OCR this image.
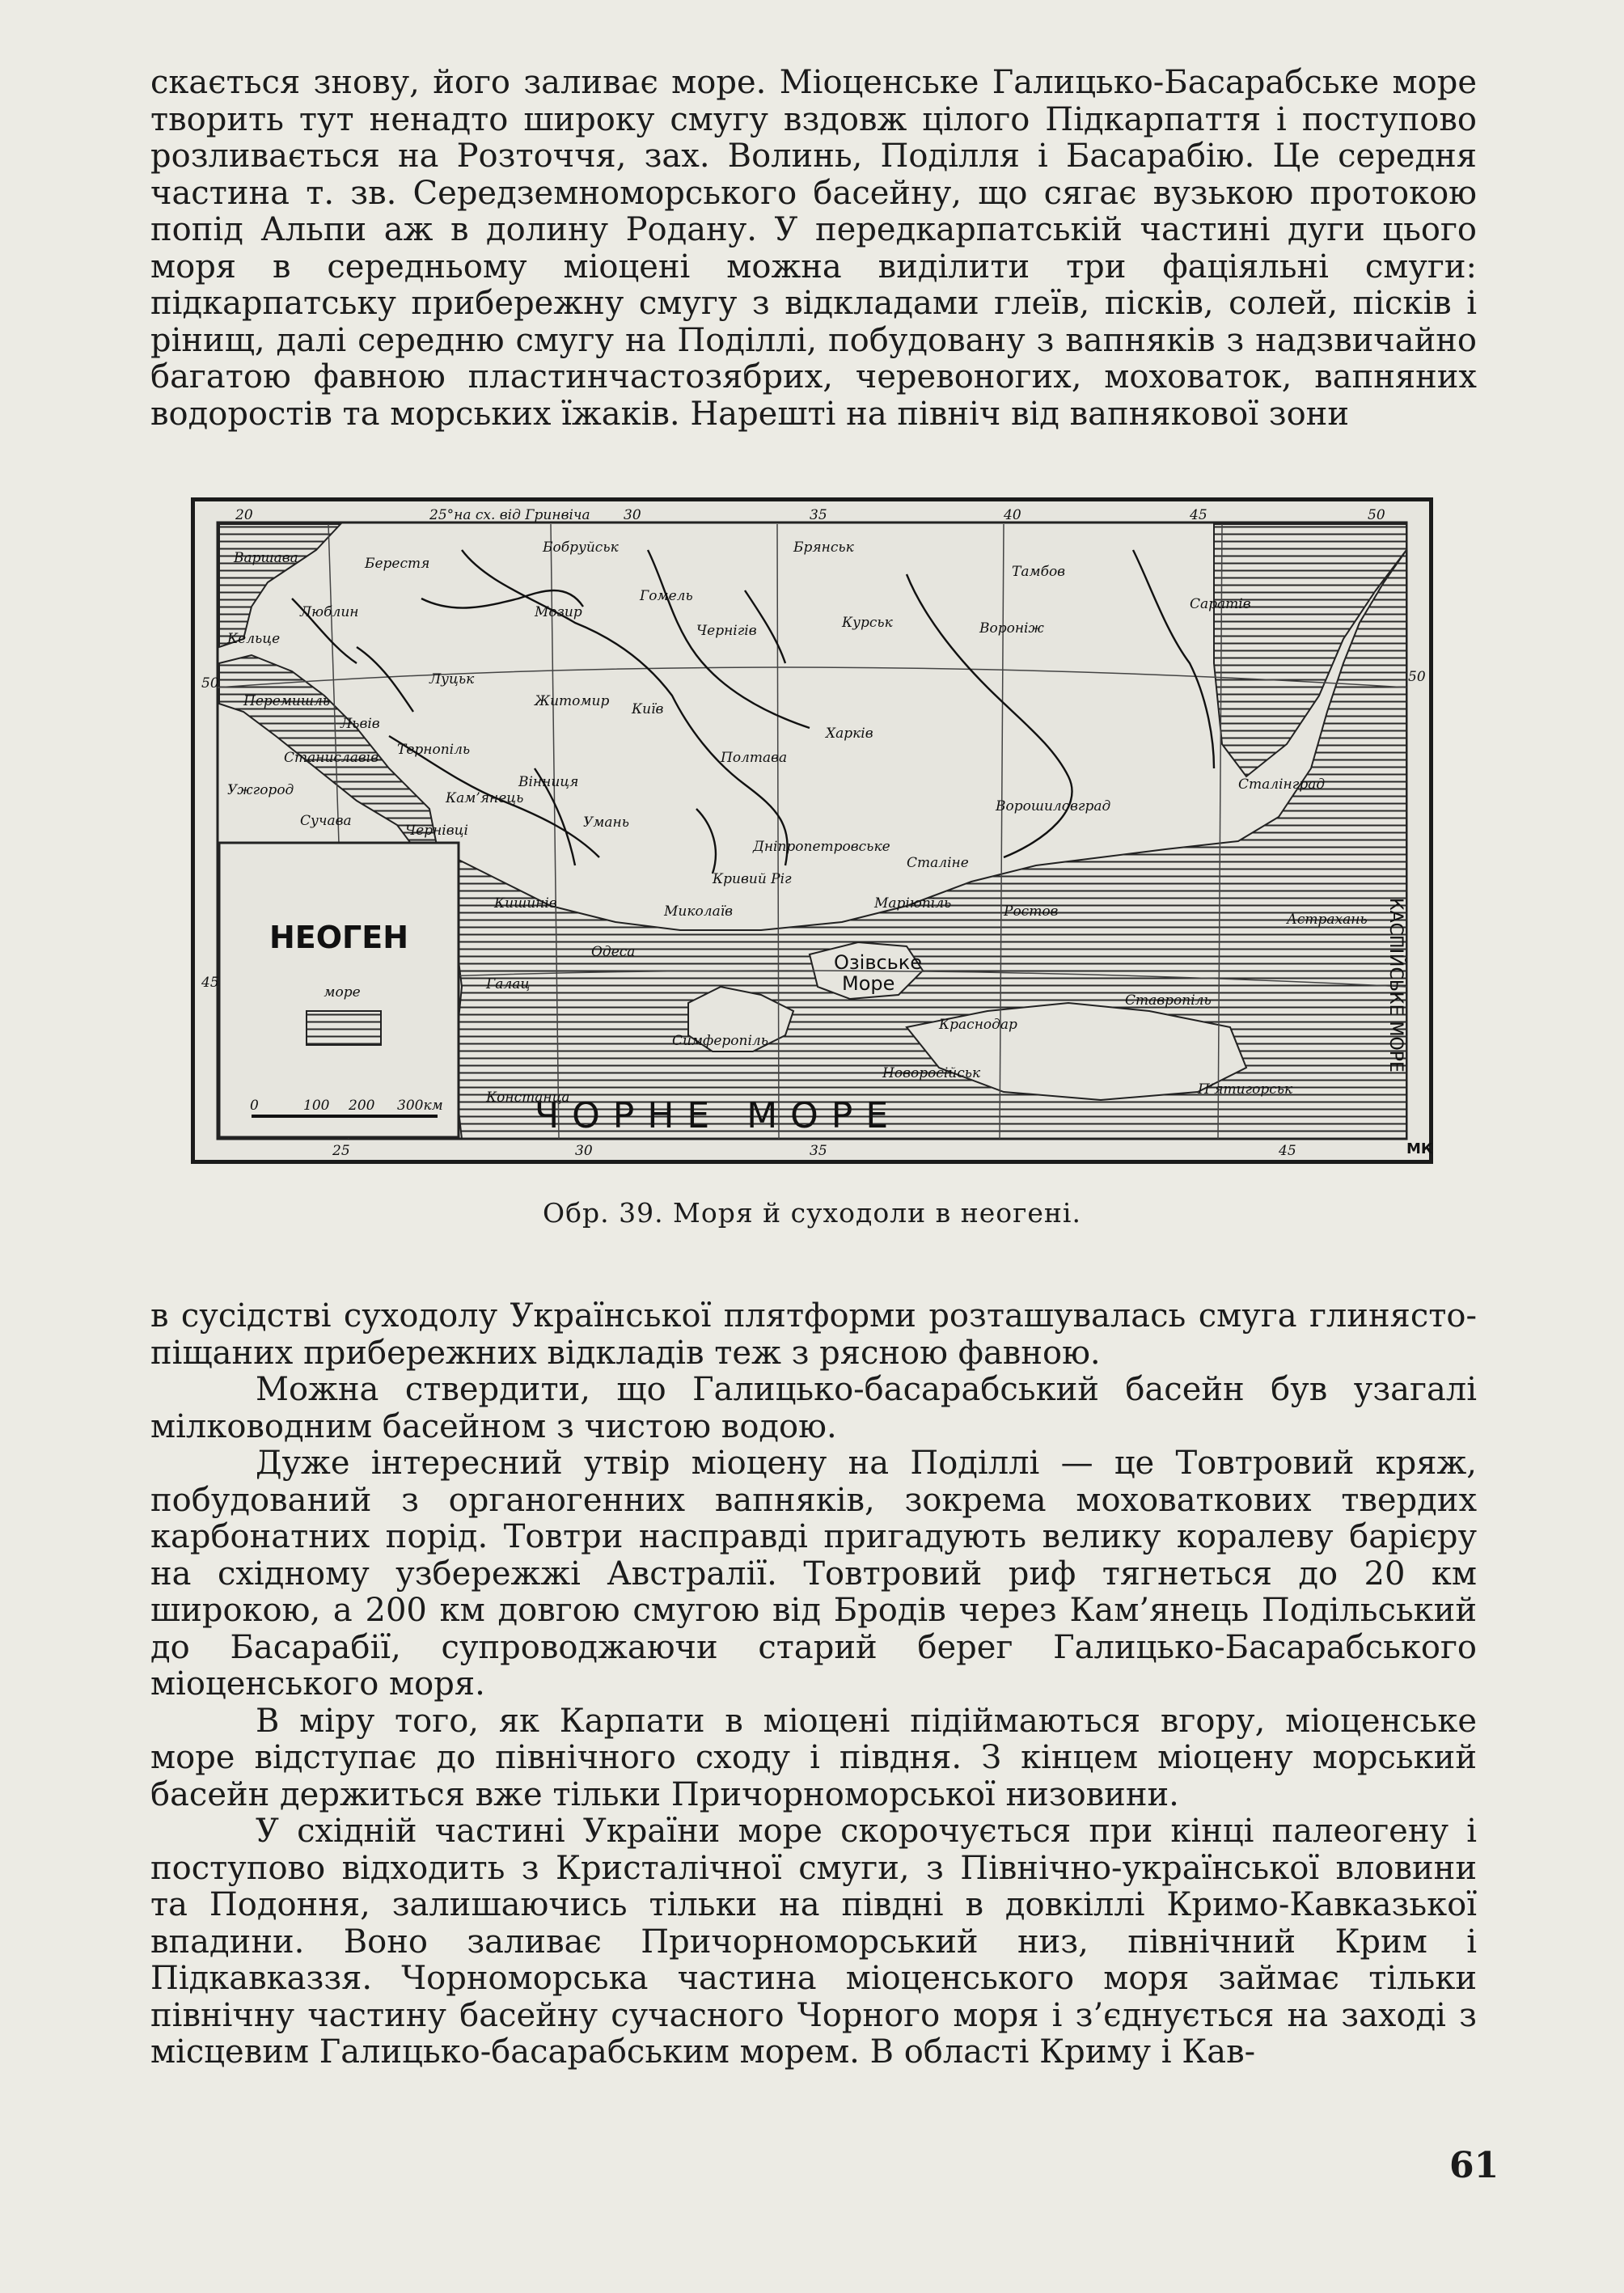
скається знову, його заливає море. Міоценське Галицько-Басарабське море творить тут ненадто широку смугу вздовж цілого Підкарпаття і поступово розливається на Розточчя, зах. Волинь, Поділля і Басарабію. Це середня частина т. зв. Середземноморського басейну, що сягає вузькою протокою попід Альпи аж в долину Родану. У передкарпатській частині дуги цього моря в середньому міоцені можна виділити три фаціяльні смуги: підкарпатську прибережну смугу з відкладами глеїв, пісків, солей, пісків і рінищ, далі середню смугу на Поділлі, побудовану з вапняків з надзвичайно багатою фавною пластинчастозябрих, черевоногих, моховаток, вапняних водоростів та морських їжаків. Нарешті на північ від вапнякової зони

НЕОГЕН
море
0	100 200 300км	ЧОРНЕ МОРЕ
Озівське
Море	КАСПІЙСЬКЕ МОРЕ
20	25°на сх. від Гринвіча 30	35	40	45	50
25	30	35	45
50
45
50
МК
Варшава	Берестя
Бобруйськ	Брянськ
Тамбов
Саратів
Люблин	Мозир
Гомель
Чернігів	Курськ	Вороніж
Кельце
Луцьк
Житомир Київ
Харків
Перемишль
Львів
Тернопіль	Полтава
Сталінград
Станиславів
Вінниця
Ворошиловград
Кам’янець
Умань
Дніпропетровське
Чернівці
Сталіне
Кишинів
Кривий Ріг
Маріюпіль	Ростов
Миколаїв
Одеса
Астрахань
Галац
Симферопіль
Краснодар
Ставропіль
Новоросійськ
Констанца	П’ятигорськ
Ужгород
Сучава
Обр. 39. Моря й суходоли в неогені.

в сусідстві суходолу Української плятформи розташувалась смуга глинясто-піщаних прибережних відкладів теж з рясною фавною.

Можна ствердити, що Галицько-басарабський басейн був узагалі мілководним басейном з чистою водою.

Дуже інтересний утвір міоцену на Поділлі — це Товтровий кряж, побудований з органогенних вапняків, зокрема моховаткових твердих карбонатних порід. Товтри насправді пригадують велику коралеву барієру на східному узбережжі Австралії. Товтровий риф тягнеться до 20 км широкою, а 200 км довгою смугою від Бродів через Кам’янець Подільський до Басарабії, супроводжаючи старий берег Галицько-Басарабського міоценського моря.

В міру того, як Карпати в міоцені підіймаються вгору, міоценське море відступає до північного сходу і півдня. З кінцем міоцену морський басейн держиться вже тільки Причорноморської низовини.

У східній частині України море скорочується при кінці палеогену і поступово відходить з Кристалічної смуги, з Північно-української вловини та Подоння, залишаючись тільки на півдні в довкіллі Кримо-Кавказької впадини. Воно заливає Причорноморський низ, північний Крим і Підкавказзя. Чорноморська частина міоценського моря займає тільки північну частину басейну сучасного Чорного моря і з’єднується на заході з місцевим Галицько-басарабським морем. В області Криму і Кав-

61
